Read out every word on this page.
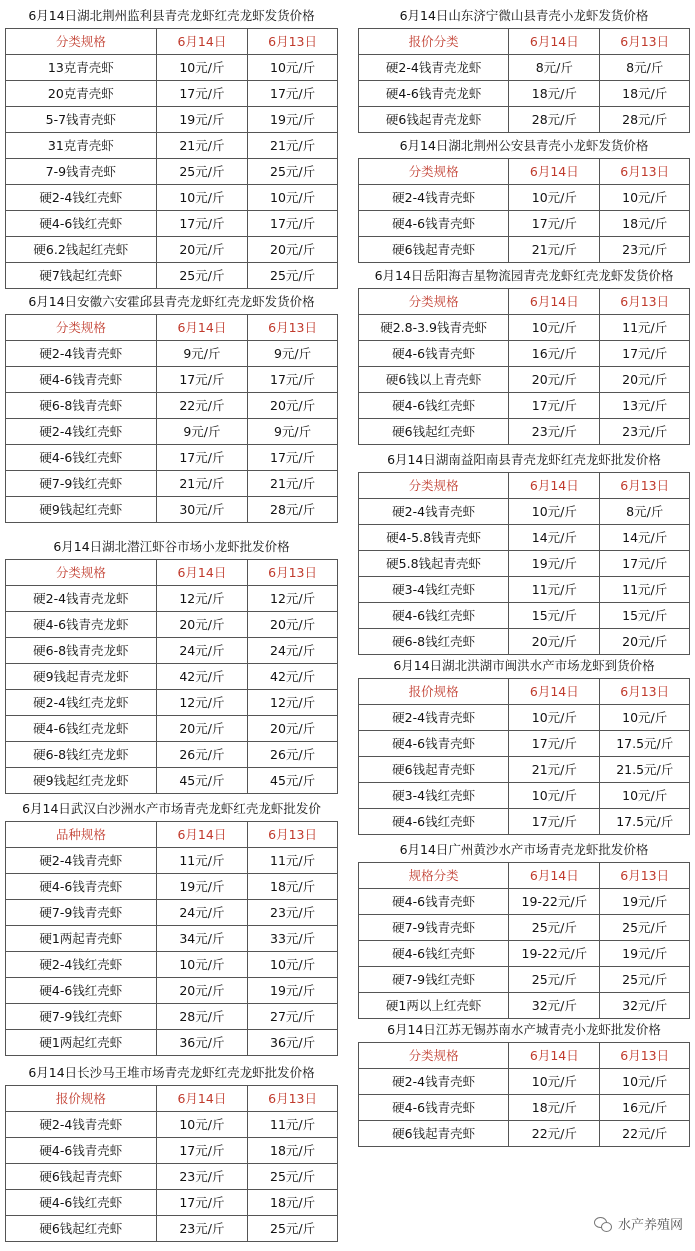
6月14日湖北荆州监利县青壳龙虾红壳龙虾发货价格
分类规格	6月14日	6月13日
13克青壳虾	10元/斤	10元/斤
20克青壳虾	17元/斤	17元/斤
5-7钱青壳虾	19元/斤	19元/斤
31克青壳虾	21元/斤	21元/斤
7-9钱青壳虾	25元/斤	25元/斤
硬2-4钱红壳虾	10元/斤	10元/斤
硬4-6钱红壳虾	17元/斤	17元/斤
硬6.2钱起红壳虾	20元/斤	20元/斤
硬7钱起红壳虾	25元/斤	25元/斤
6月14日安徽六安霍邱县青壳龙虾红壳龙虾发货价格
分类规格	6月14日	6月13日
硬2-4钱青壳虾	9元/斤	9元/斤
硬4-6钱青壳虾	17元/斤	17元/斤
硬6-8钱青壳虾	22元/斤	20元/斤
硬2-4钱红壳虾	9元/斤	9元/斤
硬4-6钱红壳虾	17元/斤	17元/斤
硬7-9钱红壳虾	21元/斤	21元/斤
硬9钱起红壳虾	30元/斤	28元/斤
6月14日湖北潜江虾谷市场小龙虾批发价格
分类规格	6月14日	6月13日
硬2-4钱青壳龙虾	12元/斤	12元/斤
硬4-6钱青壳龙虾	20元/斤	20元/斤
硬6-8钱青壳龙虾	24元/斤	24元/斤
硬9钱起青壳龙虾	42元/斤	42元/斤
硬2-4钱红壳龙虾	12元/斤	12元/斤
硬4-6钱红壳龙虾	20元/斤	20元/斤
硬6-8钱红壳龙虾	26元/斤	26元/斤
硬9钱起红壳龙虾	45元/斤	45元/斤
6月14日武汉白沙洲水产市场青壳龙虾红壳龙虾批发价
品种规格	6月14日	6月13日
硬2-4钱青壳虾	11元/斤	11元/斤
硬4-6钱青壳虾	19元/斤	18元/斤
硬7-9钱青壳虾	24元/斤	23元/斤
硬1两起青壳虾	34元/斤	33元/斤
硬2-4钱红壳虾	10元/斤	10元/斤
硬4-6钱红壳虾	20元/斤	19元/斤
硬7-9钱红壳虾	28元/斤	27元/斤
硬1两起红壳虾	36元/斤	36元/斤
6月14日长沙马王堆市场青壳龙虾红壳龙虾批发价格
报价规格	6月14日	6月13日
硬2-4钱青壳虾	10元/斤	11元/斤
硬4-6钱青壳虾	17元/斤	18元/斤
硬6钱起青壳虾	23元/斤	25元/斤
硬4-6钱红壳虾	17元/斤	18元/斤
硬6钱起红壳虾	23元/斤	25元/斤
6月14日山东济宁微山县青壳小龙虾发货价格
报价分类	6月14日	6月13日
硬2-4钱青壳龙虾	8元/斤	8元/斤
硬4-6钱青壳龙虾	18元/斤	18元/斤
硬6钱起青壳龙虾	28元/斤	28元/斤
6月14日湖北荆州公安县青壳小龙虾发货价格
分类规格	6月14日	6月13日
硬2-4钱青壳虾	10元/斤	10元/斤
硬4-6钱青壳虾	17元/斤	18元/斤
硬6钱起青壳虾	21元/斤	23元/斤
6月14日岳阳海吉星物流园青壳龙虾红壳龙虾发货价格
分类规格	6月14日	6月13日
硬2.8-3.9钱青壳虾	10元/斤	11元/斤
硬4-6钱青壳虾	16元/斤	17元/斤
硬6钱以上青壳虾	20元/斤	20元/斤
硬4-6钱红壳虾	17元/斤	13元/斤
硬6钱起红壳虾	23元/斤	23元/斤
6月14日湖南益阳南县青壳龙虾红壳龙虾批发价格
分类规格	6月14日	6月13日
硬2-4钱青壳虾	10元/斤	8元/斤
硬4-5.8钱青壳虾	14元/斤	14元/斤
硬5.8钱起青壳虾	19元/斤	17元/斤
硬3-4钱红壳虾	11元/斤	11元/斤
硬4-6钱红壳虾	15元/斤	15元/斤
硬6-8钱红壳虾	20元/斤	20元/斤
6月14日湖北洪湖市闽洪水产市场龙虾到货价格
报价规格	6月14日	6月13日
硬2-4钱青壳虾	10元/斤	10元/斤
硬4-6钱青壳虾	17元/斤	17.5元/斤
硬6钱起青壳虾	21元/斤	21.5元/斤
硬3-4钱红壳虾	10元/斤	10元/斤
硬4-6钱红壳虾	17元/斤	17.5元/斤
6月14日广州黄沙水产市场青壳龙虾批发价格
规格分类	6月14日	6月13日
硬4-6钱青壳虾	19-22元/斤	19元/斤
硬7-9钱青壳虾	25元/斤	25元/斤
硬4-6钱红壳虾	19-22元/斤	19元/斤
硬7-9钱红壳虾	25元/斤	25元/斤
硬1两以上红壳虾	32元/斤	32元/斤
6月14日江苏无锡苏南水产城青壳小龙虾批发价格
分类规格	6月14日	6月13日
硬2-4钱青壳虾	10元/斤	10元/斤
硬4-6钱青壳虾	18元/斤	16元/斤
硬6钱起青壳虾	22元/斤	22元/斤
水产养殖网
